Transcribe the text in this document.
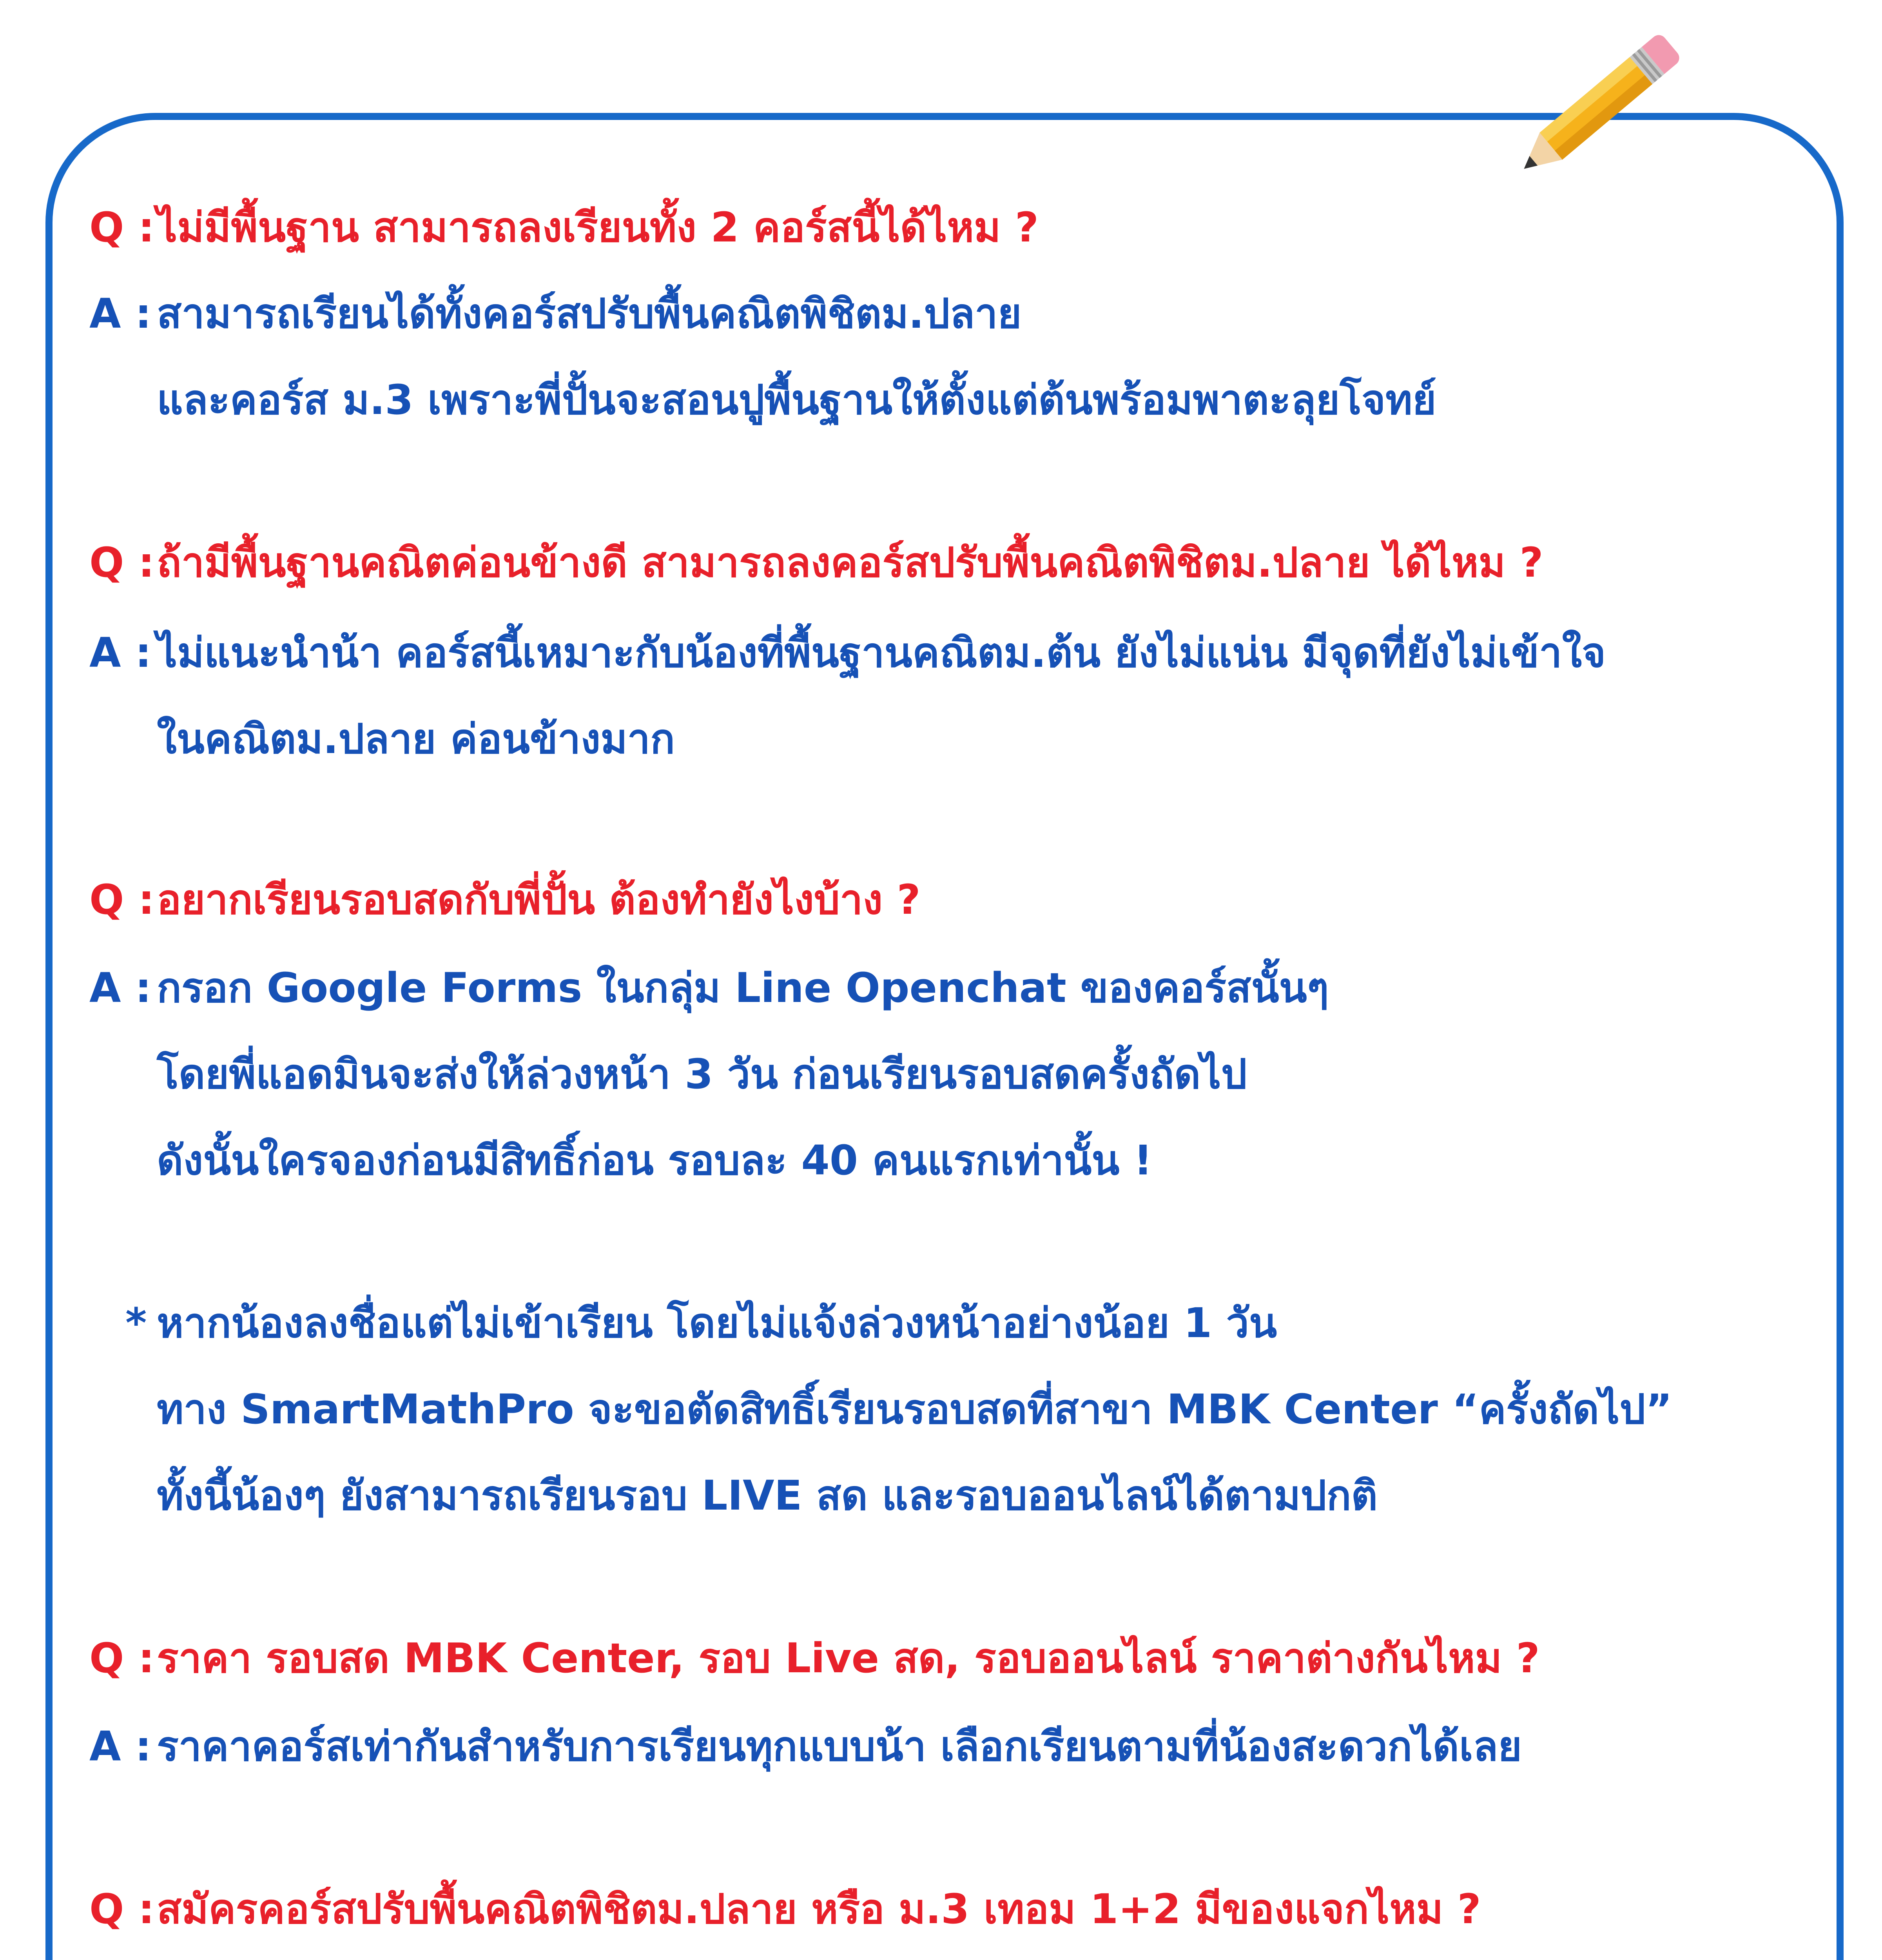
Q : ไม่มีพื้นฐาน สามารถลงเรียนทั้ง 2 คอร์สนี้ได้ไหม ?
A : สามารถเรียนได้ทั้งคอร์สปรับพื้นคณิตพิชิตม.ปลาย
และคอร์ส ม.3 เพราะพี่ปั้นจะสอนปูพื้นฐานให้ตั้งแต่ต้นพร้อมพาตะลุยโจทย์
Q : ถ้ามีพื้นฐานคณิตค่อนข้างดี สามารถลงคอร์สปรับพื้นคณิตพิชิตม.ปลาย ได้ไหม ?
A : ไม่แนะนำน้า คอร์สนี้เหมาะกับน้องที่พื้นฐานคณิตม.ต้น ยังไม่แน่น มีจุดที่ยังไม่เข้าใจ
ในคณิตม.ปลาย ค่อนข้างมาก
Q : อยากเรียนรอบสดกับพี่ปั้น ต้องทำยังไงบ้าง ?
A : กรอก Google Forms ในกลุ่ม Line Openchat ของคอร์สนั้นๆ
โดยพี่แอดมินจะส่งให้ล่วงหน้า 3 วัน ก่อนเรียนรอบสดครั้งถัดไป
ดังนั้นใครจองก่อนมีสิทธิ์ก่อน รอบละ 40 คนแรกเท่านั้น !
* หากน้องลงชื่อแต่ไม่เข้าเรียน โดยไม่แจ้งล่วงหน้าอย่างน้อย 1 วัน
ทาง SmartMathPro จะขอตัดสิทธิ์เรียนรอบสดที่สาขา MBK Center “ครั้งถัดไป”
ทั้งนี้น้องๆ ยังสามารถเรียนรอบ LIVE สด และรอบออนไลน์ได้ตามปกติ
Q : ราคา รอบสด MBK Center, รอบ Live สด, รอบออนไลน์ ราคาต่างกันไหม ?
A : ราคาคอร์สเท่ากันสำหรับการเรียนทุกแบบน้า เลือกเรียนตามที่น้องสะดวกได้เลย
Q : สมัครคอร์สปรับพื้นคณิตพิชิตม.ปลาย หรือ ม.3 เทอม 1+2 มีของแจกไหม ?
